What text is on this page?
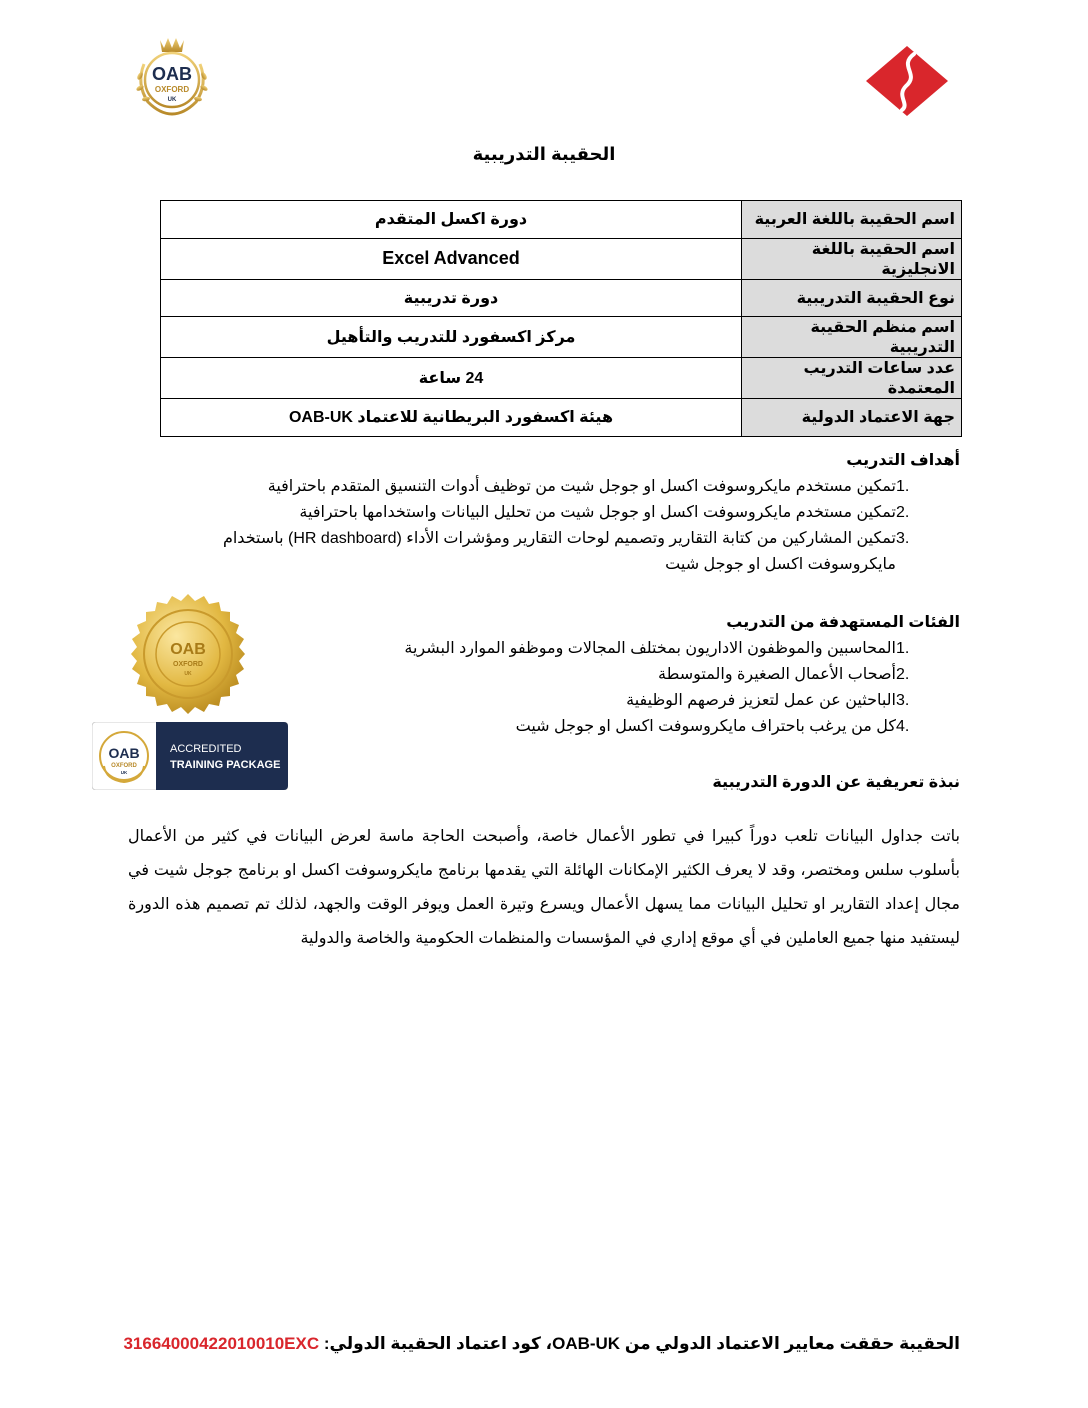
OAB
OXFORD
UK
الحقيبة التدريبية
اسم الحقيبة باللغة العربية	دورة اكسل المتقدم
اسم الحقيبة باللغة الانجليزية	Excel Advanced
نوع الحقيبة التدريبية	دورة تدريبية
اسم منظم الحقيبة التدريبية	مركز اكسفورد للتدريب والتأهيل
عدد ساعات التدريب المعتمدة	24 ساعة
جهة الاعتماد الدولية	هيئة اكسفورد البريطانية للاعتماد OAB-UK
أهداف التدريب
1.
تمكين مستخدم مايكروسوفت اكسل او جوجل شيت من توظيف أدوات التنسيق المتقدم باحترافية
2.
تمكين مستخدم مايكروسوفت اكسل او جوجل شيت من تحليل البيانات واستخدامها باحترافية
3.
تمكين المشاركين من كتابة التقارير وتصميم لوحات التقارير ومؤشرات الأداء (HR dashboard) باستخدام مايكروسوفت اكسل او جوجل شيت
الفئات المستهدفة من التدريب
1.
المحاسبين والموظفون الاداريون بمختلف المجالات وموظفو الموارد البشرية
2.
أصحاب الأعمال الصغيرة والمتوسطة
3.
الباحثين عن عمل لتعزيز فرصهم الوظيفية
4.
كل من يرغب باحتراف مايكروسوفت اكسل او جوجل شيت
OAB
OXFORD
UK
OAB
OXFORD
UK
ACCREDITED
TRAINING PACKAGE
نبذة تعريفية عن الدورة التدريبية
باتت جداول البيانات تلعب دوراً كبيرا في تطور الأعمال خاصة، وأصبحت الحاجة ماسة لعرض البيانات في كثير من الأعمال بأسلوب سلس ومختصر، وقد لا يعرف الكثير الإمكانات الهائلة التي يقدمها برنامج مايكروسوفت اكسل او برنامج جوجل شيت في مجال إعداد التقارير او تحليل البيانات مما يسهل الأعمال ويسرع وتيرة العمل ويوفر الوقت والجهد، لذلك تم تصميم هذه الدورة ليستفيد منها جميع العاملين في أي موقع إداري في المؤسسات والمنظمات الحكومية والخاصة والدولية
الحقيبة حققت معايير الاعتماد الدولي من OAB-UK، كود اعتماد الحقيبة الدولي: 3166400042201001​0EXC
